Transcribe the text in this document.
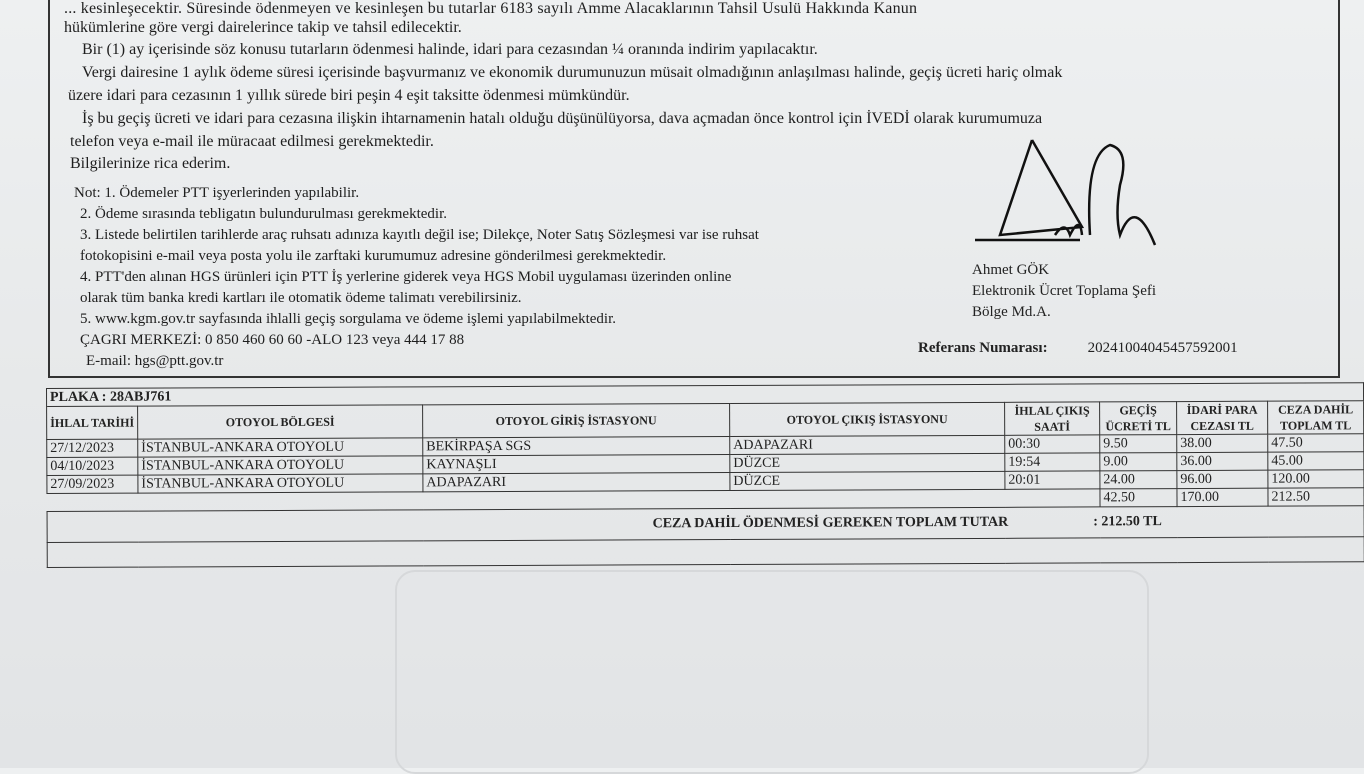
... kesinleşecektir. Süresinde ödenmeyen ve kesinleşen bu tutarlar 6183 sayılı Amme Alacaklarının Tahsil Usulü Hakkında Kanun
hükümlerine göre vergi dairelerince takip ve tahsil edilecektir.
Bir (1) ay içerisinde söz konusu tutarların ödenmesi halinde, idari para cezasından ¼ oranında indirim yapılacaktır.
Vergi dairesine 1 aylık ödeme süresi içerisinde başvurmanız ve ekonomik durumunuzun müsait olmadığının anlaşılması halinde, geçiş ücreti hariç olmak
üzere idari para cezasının 1 yıllık sürede biri peşin 4 eşit taksitte ödenmesi mümkündür.
İş bu geçiş ücreti ve idari para cezasına ilişkin ihtarnamenin hatalı olduğu düşünülüyorsa, dava açmadan önce kontrol için İVEDİ olarak kurumumuza
telefon veya e-mail ile müracaat edilmesi gerekmektedir.
Bilgilerinize rica ederim.
Not: 1. Ödemeler PTT işyerlerinden yapılabilir.
2. Ödeme sırasında tebligatın bulundurulması gerekmektedir.
3. Listede belirtilen tarihlerde araç ruhsatı adınıza kayıtlı değil ise; Dilekçe, Noter Satış Sözleşmesi var ise ruhsat
fotokopisini e-mail veya posta yolu ile zarftaki kurumumuz adresine gönderilmesi gerekmektedir.
4. PTT'den alınan HGS ürünleri için PTT İş yerlerine giderek veya HGS Mobil uygulaması üzerinden online
olarak tüm banka kredi kartları ile otomatik ödeme talimatı verebilirsiniz.
5. www.kgm.gov.tr sayfasında ihlalli geçiş sorgulama ve ödeme işlemi yapılabilmektedir.
ÇAGRI MERKEZİ: 0 850 460 60 60 -ALO 123 veya 444 17 88
E-mail: hgs@ptt.gov.tr
Ahmet GÖK
Elektronik Ücret Toplama Şefi
Bölge Md.A.
Referans Numarası:	20241004045457592001
PLAKA : 28ABJ761							
İHLAL TARİHİ	OTOYOL BÖLGESİ	OTOYOL GİRİŞ İSTASYONU	OTOYOL ÇIKIŞ İSTASYONU	İHLAL ÇIKIŞ SAATİ	GEÇİŞ ÜCRETİ TL	İDARİ PARA CEZASI TL	CEZA DAHİL TOPLAM TL
27/12/2023	İSTANBUL-ANKARA OTOYOLU	BEKİRPAŞA SGS	ADAPAZARI	00:30	9.50	38.00	47.50
04/10/2023	İSTANBUL-ANKARA OTOYOLU	KAYNAŞLI	DÜZCE	19:54	9.00	36.00	45.00
27/09/2023	İSTANBUL-ANKARA OTOYOLU	ADAPAZARI	DÜZCE	20:01	24.00	96.00	120.00
					42.50	170.00	212.50
CEZA DAHİL ÖDENMESİ GEREKEN TOPLAM TUTAR : 212.50 TL							
